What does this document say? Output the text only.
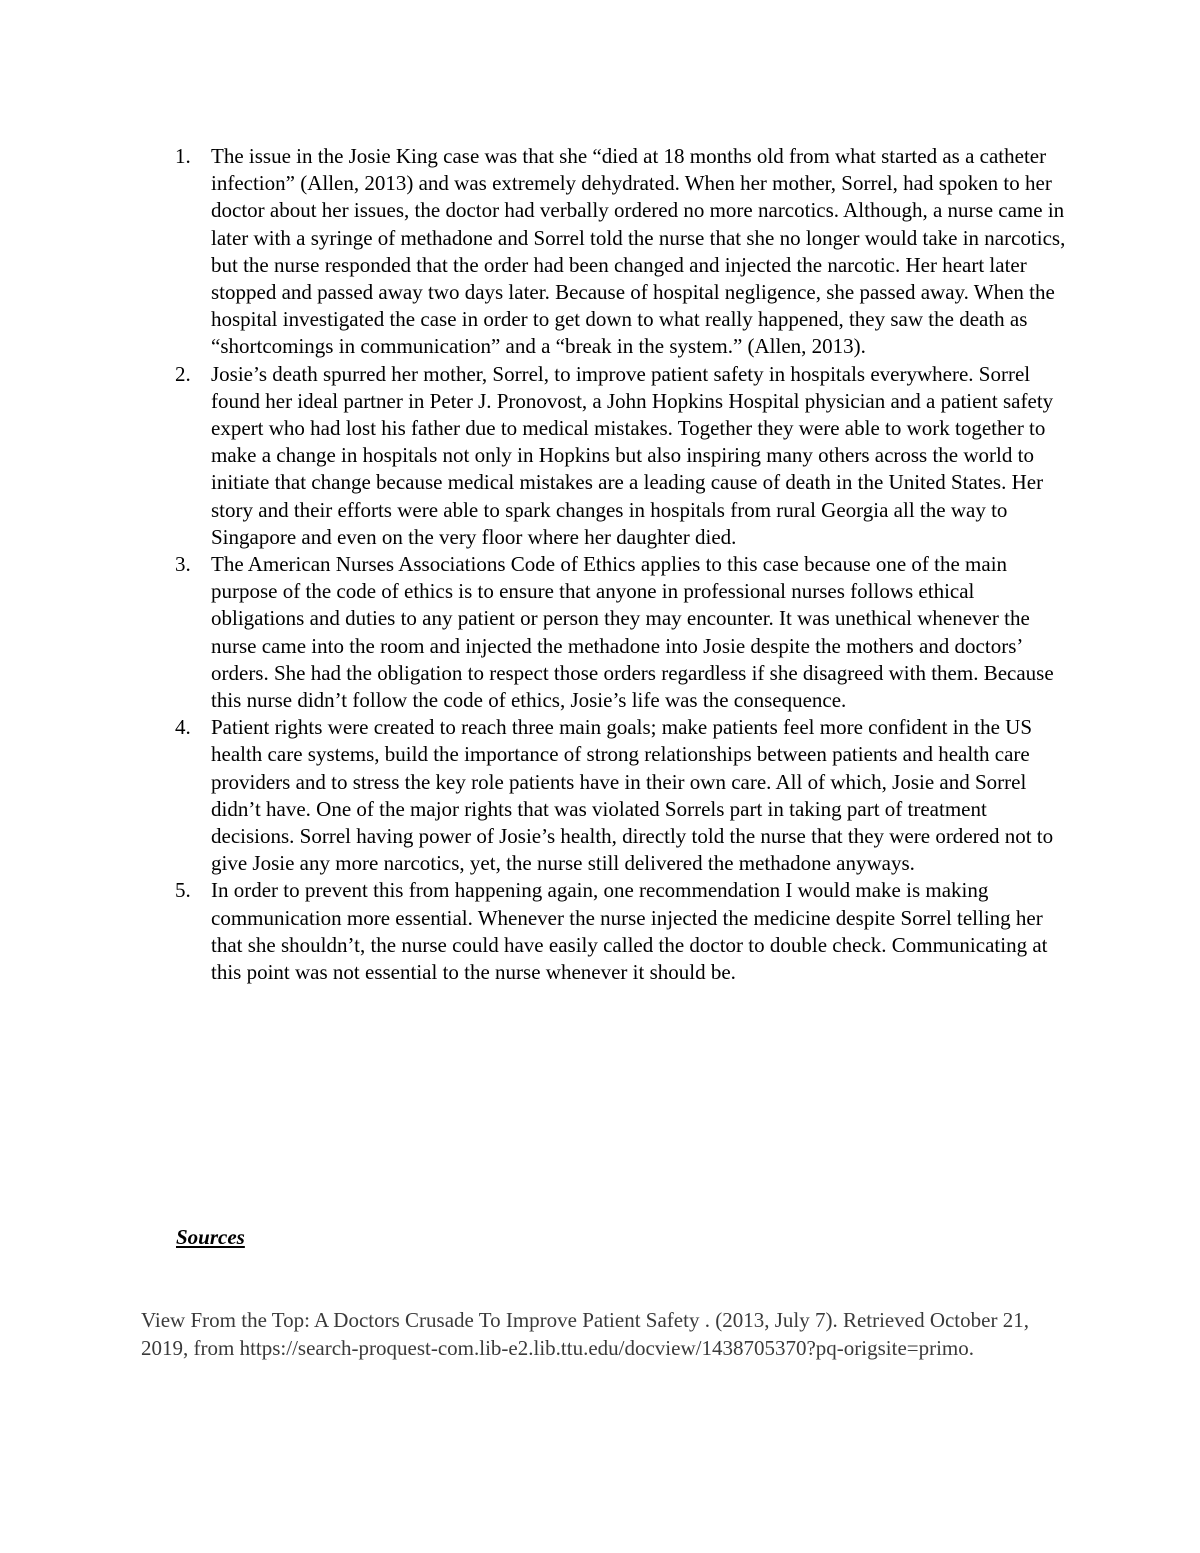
1. The issue in the Josie King case was that she “died at 18 months old from what started as a catheter infection” (Allen, 2013) and was extremely dehydrated. When her mother, Sorrel, had spoken to her doctor about her issues, the doctor had verbally ordered no more narcotics. Although, a nurse came in later with a syringe of methadone and Sorrel told the nurse that she no longer would take in narcotics, but the nurse responded that the order had been changed and injected the narcotic. Her heart later stopped and passed away two days later. Because of hospital negligence, she passed away. When the hospital investigated the case in order to get down to what really happened, they saw the death as “shortcomings in communication” and a “break in the system.” (Allen, 2013).
2. Josie’s death spurred her mother, Sorrel, to improve patient safety in hospitals everywhere. Sorrel found her ideal partner in Peter J. Pronovost, a John Hopkins Hospital physician and a patient safety expert who had lost his father due to medical mistakes. Together they were able to work together to make a change in hospitals not only in Hopkins but also inspiring many others across the world to initiate that change because medical mistakes are a leading cause of death in the United States. Her story and their efforts were able to spark changes in hospitals from rural Georgia all the way to Singapore and even on the very floor where her daughter died.
3. The American Nurses Associations Code of Ethics applies to this case because one of the main purpose of the code of ethics is to ensure that anyone in professional nurses follows ethical obligations and duties to any patient or person they may encounter. It was unethical whenever the nurse came into the room and injected the methadone into Josie despite the mothers and doctors’ orders. She had the obligation to respect those orders regardless if she disagreed with them. Because this nurse didn’t follow the code of ethics, Josie’s life was the consequence.
4. Patient rights were created to reach three main goals; make patients feel more confident in the US health care systems, build the importance of strong relationships between patients and health care providers and to stress the key role patients have in their own care. All of which, Josie and Sorrel didn’t have. One of the major rights that was violated Sorrels part in taking part of treatment decisions. Sorrel having power of Josie’s health, directly told the nurse that they were ordered not to give Josie any more narcotics, yet, the nurse still delivered the methadone anyways.
5. In order to prevent this from happening again, one recommendation I would make is making communication more essential. Whenever the nurse injected the medicine despite Sorrel telling her that she shouldn’t, the nurse could have easily called the doctor to double check. Communicating at this point was not essential to the nurse whenever it should be.

Sources

View From the Top: A Doctors Crusade To Improve Patient Safety . (2013, July 7). Retrieved October 21, 2019, from https://search-proquest-com.lib-e2.lib.ttu.edu/docview/1438705370?pq-origsite=primo.
